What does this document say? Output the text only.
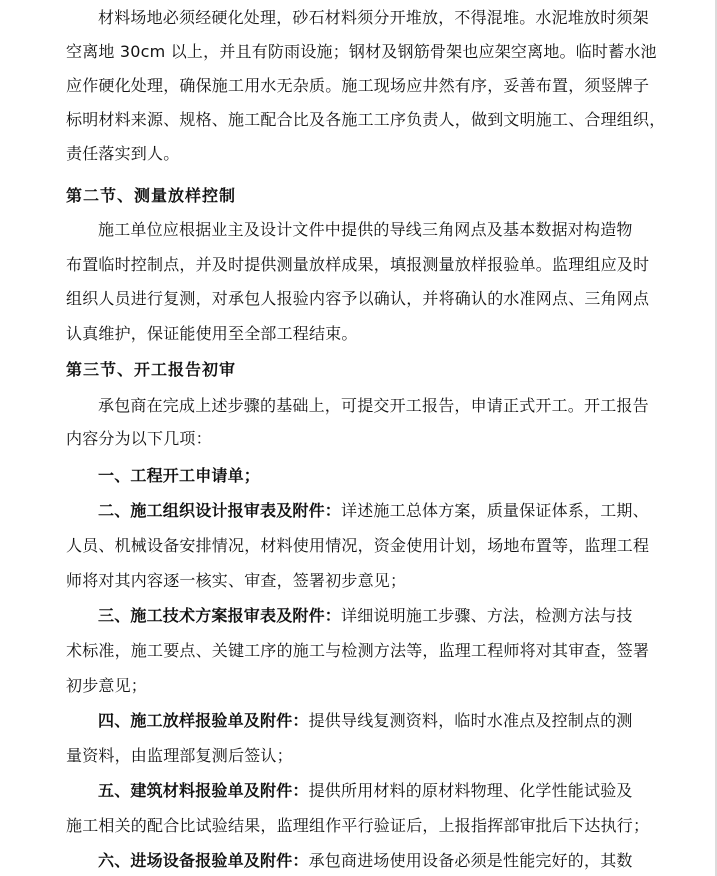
材料场地必须经硬化处理，砂石材料须分开堆放，不得混堆。水泥堆放时须架
空离地 30cm 以上，并且有防雨设施；钢材及钢筋骨架也应架空离地。临时蓄水池
应作硬化处理，确保施工用水无杂质。施工现场应井然有序，妥善布置，须竖牌子
标明材料来源、规格、施工配合比及各施工工序负责人，做到文明施工、合理组织，
责任落实到人。
第二节、测量放样控制
施工单位应根据业主及设计文件中提供的导线三角网点及基本数据对构造物
布置临时控制点，并及时提供测量放样成果，填报测量放样报验单。监理组应及时
组织人员进行复测，对承包人报验内容予以确认，并将确认的水准网点、三角网点
认真维护，保证能使用至全部工程结束。
第三节、开工报告初审
承包商在完成上述步骤的基础上，可提交开工报告，申请正式开工。开工报告
内容分为以下几项：
一、工程开工申请单；
二、施工组织设计报审表及附件：详述施工总体方案，质量保证体系，工期、
人员、机械设备安排情况，材料使用情况，资金使用计划，场地布置等，监理工程
师将对其内容逐一核实、审查，签署初步意见；
三、施工技术方案报审表及附件：详细说明施工步骤、方法，检测方法与技
术标准，施工要点、关键工序的施工与检测方法等，监理工程师将对其审查，签署
初步意见；
四、施工放样报验单及附件：提供导线复测资料，临时水准点及控制点的测
量资料，由监理部复测后签认；
五、建筑材料报验单及附件：提供所用材料的原材料物理、化学性能试验及
施工相关的配合比试验结果，监理组作平行验证后，上报指挥部审批后下达执行；
六、进场设备报验单及附件：承包商进场使用设备必须是性能完好的，其数
